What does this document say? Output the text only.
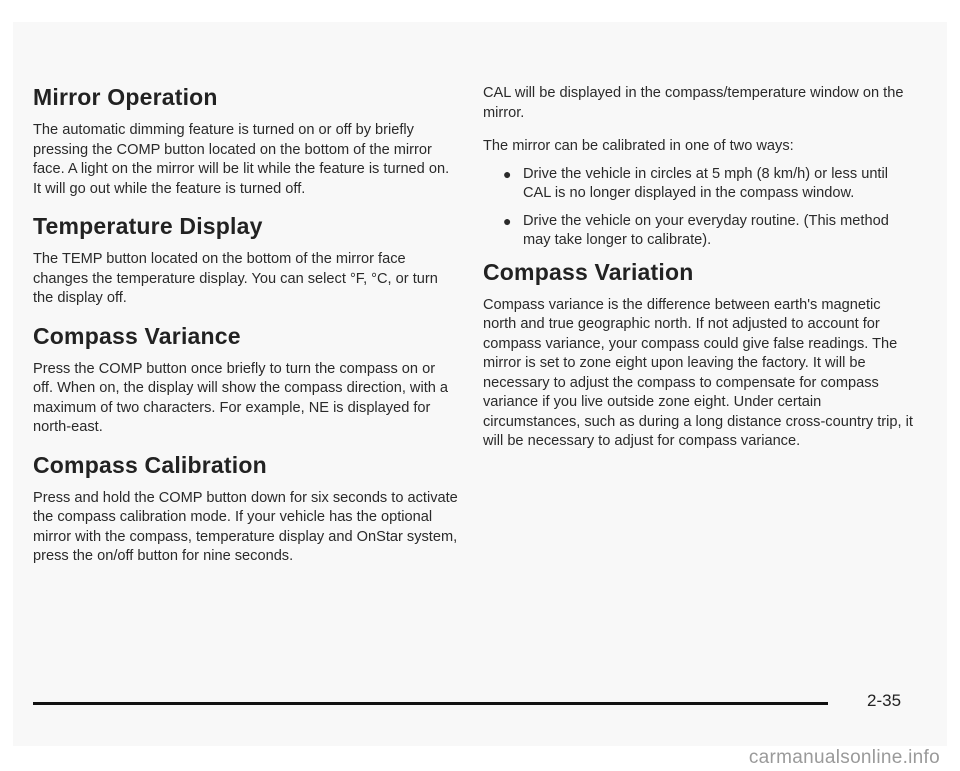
Mirror Operation

The automatic dimming feature is turned on or off by briefly pressing the COMP button located on the bottom of the mirror face. A light on the mirror will be lit while the feature is turned on. It will go out while the feature is turned off.

Temperature Display

The TEMP button located on the bottom of the mirror face changes the temperature display. You can select °F, °C, or turn the display off.

Compass Variance

Press the COMP button once briefly to turn the compass on or off. When on, the display will show the compass direction, with a maximum of two characters. For example, NE is displayed for north-east.

Compass Calibration

Press and hold the COMP button down for six seconds to activate the compass calibration mode. If your vehicle has the optional mirror with the compass, temperature display and OnStar system, press the on/off button for nine seconds.

CAL will be displayed in the compass/temperature window on the mirror.

The mirror can be calibrated in one of two ways:

● Drive the vehicle in circles at 5 mph (8 km/h) or less until CAL is no longer displayed in the compass window.
● Drive the vehicle on your everyday routine. (This method may take longer to calibrate).
Compass Variation

Compass variance is the difference between earth's magnetic north and true geographic north. If not adjusted to account for compass variance, your compass could give false readings. The mirror is set to zone eight upon leaving the factory. It will be necessary to adjust the compass to compensate for compass variance if you live outside zone eight. Under certain circumstances, such as during a long distance cross-country trip, it will be necessary to adjust for compass variance.

2-35
carmanualsonline.info
